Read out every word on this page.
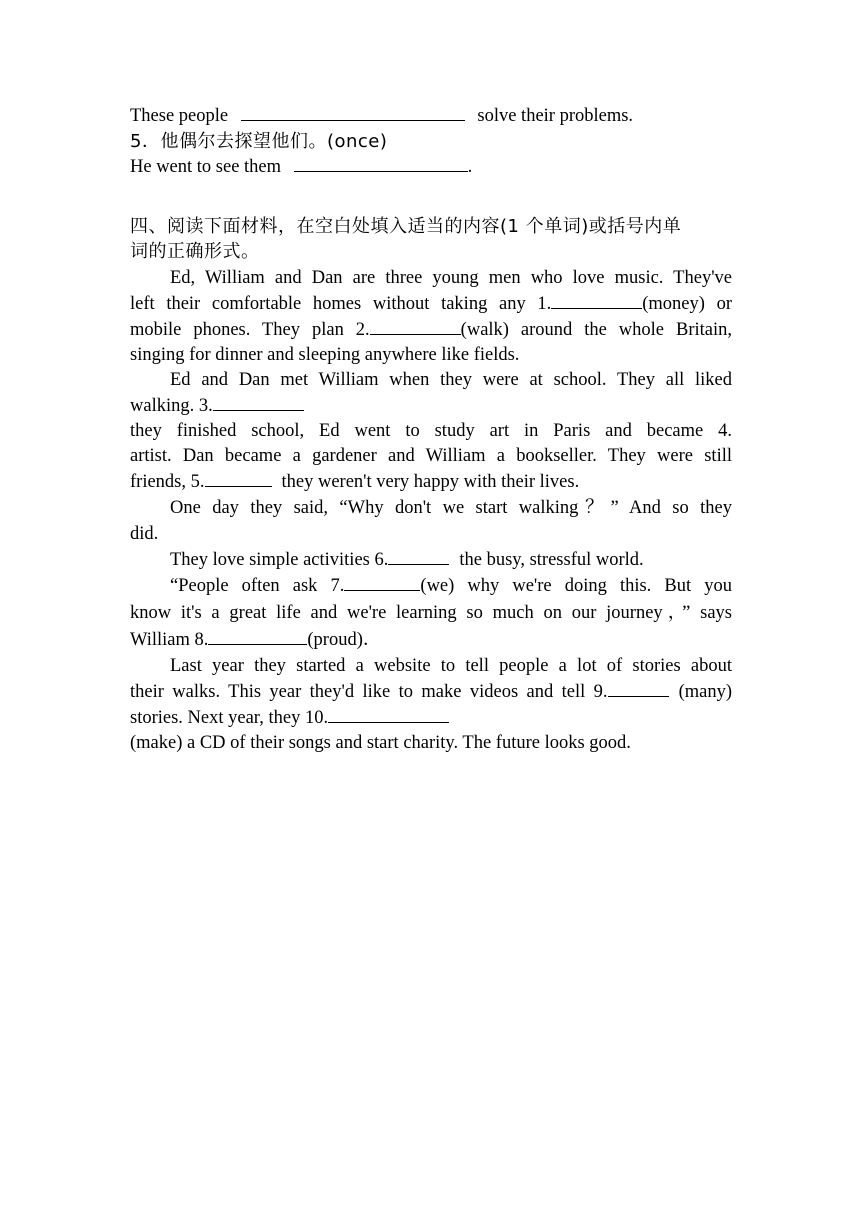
These people	solve their problems.
5．他偶尔去探望他们。(once)
He went to see them	.
四、阅读下面材料，在空白处填入适当的内容(1 个单词)或括号内单
词的正确形式。
Ed, William and Dan are three young men who love music. They've
left their comfortable homes without taking any 1.	(money) or
mobile phones. They plan 2.	(walk) around the whole Britain,
singing for dinner and sleeping anywhere like fields.
Ed and Dan met William when they were at school. They all liked
walking. 3.
they finished school, Ed went to study art in Paris and became 4.
artist. Dan became a gardener and William a bookseller. They were still
friends, 5.	they weren't very happy with their lives.
One day they said, “Why don't we start walking？” And so they
did.
They love simple activities 6.	the busy, stressful world.
“People often ask 7.	(we) why we're doing this. But you
know it's a great life and we're learning so much on our journey，” says
William 8.	(proud)．
Last year they started a website to tell people a lot of stories about
their walks. This year they'd like to make videos and tell 9.	(many)
stories. Next year, they 10.
(make) a CD of their songs and start charity. The future looks good.
